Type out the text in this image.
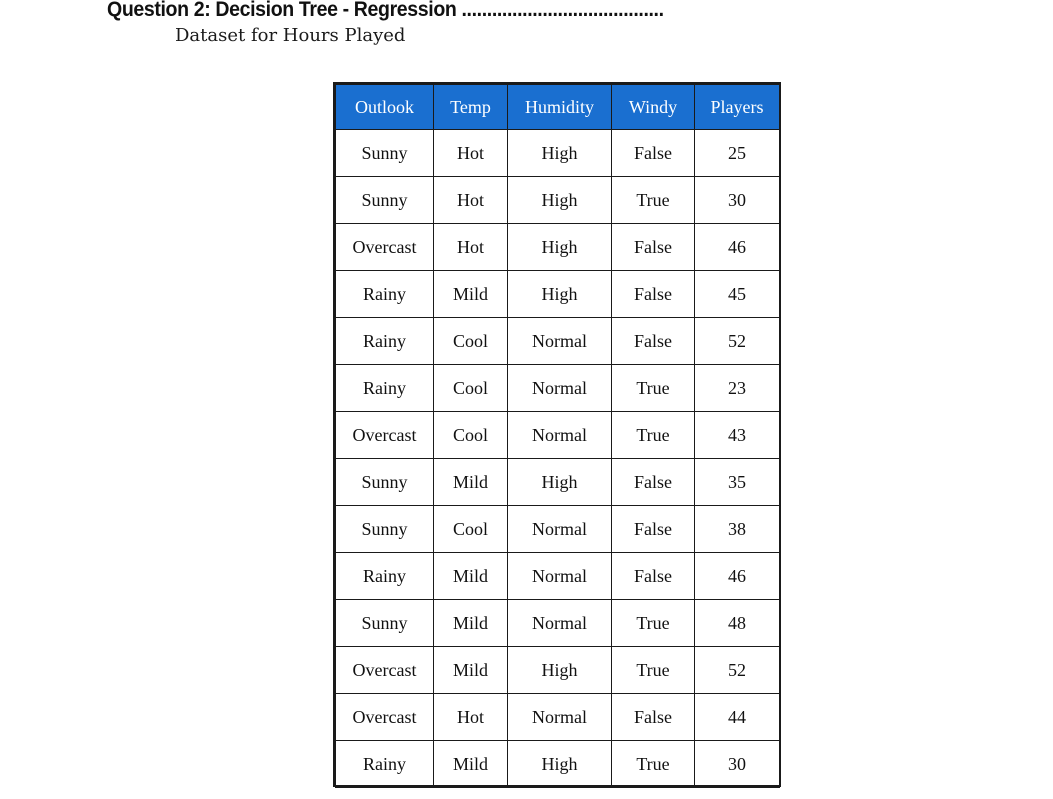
Question 2: Decision Tree - Regression ........................................
Dataset for Hours Played
Outlook	Temp	Humidity	Windy	Players
Sunny	Hot	High	False	25
Sunny	Hot	High	True	30
Overcast	Hot	High	False	46
Rainy	Mild	High	False	45
Rainy	Cool	Normal	False	52
Rainy	Cool	Normal	True	23
Overcast	Cool	Normal	True	43
Sunny	Mild	High	False	35
Sunny	Cool	Normal	False	38
Rainy	Mild	Normal	False	46
Sunny	Mild	Normal	True	48
Overcast	Mild	High	True	52
Overcast	Hot	Normal	False	44
Rainy	Mild	High	True	30
